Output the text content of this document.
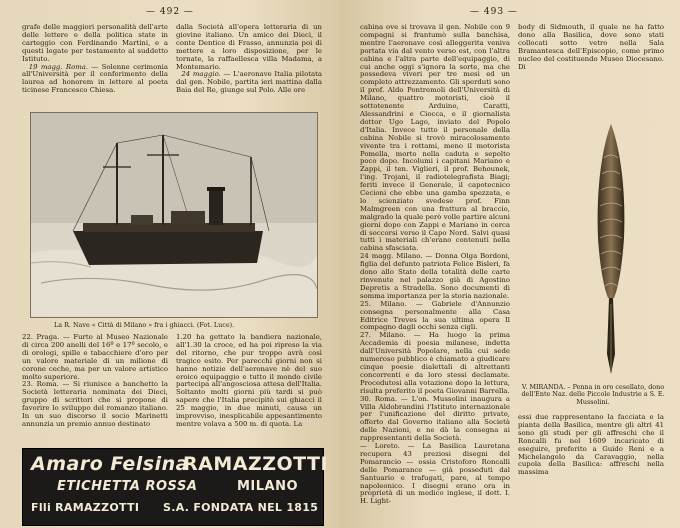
— 492 —

grafe delle maggiori personalità dell'arte delle lettere e della politica state in carteggio con Ferdinando Martini, e a questi legate per testamento al suddetto Istituto.

19 magg. Roma. — Solenne cerimonia all'Università per il conferimento della laurea ad honorem in lettere al poeta ticinese Francesco Chiesa.

dalla Società all'opera letteraria di un giovine italiano. Un amico dei Dieci, il conte Dentice di Frasso, annunzia poi di mettere a loro disposizione, per le tornate, la raffaellesca villa Madama, a Montemario.

24 maggio. — L'aeronave Italia pilotata dal gen. Nobile, partita ieri mattina dalla Baia del Re, giunge sul Polo. Alle ore

La R. Nave « Città di Milano » fra i ghiacci. (Fot. Luce).

22. Praga. — Furto al Museo Nazionale di circa 200 anelli del 16º e 17º secolo, e di orologi, spille e tabacchiere d'oro per un valore materiale di un milione di corone ceche, ma per un valore artistico molto superiore.

23. Roma. — Si riunisce a banchetto la Società letteraria nominata dei Dieci, gruppo di scrittori che si propone di favorire lo sviluppo del romanzo italiano. In un suo discorso il socio Marinetti annunzia un premio annuo destinato

1.20 ha gettato la bandiera nazionale, all'1.30 la croce, ed ha poi ripreso la via del ritorno, che pur troppo avrà così tragico esito. Per parecchi giorni non si hanno notizie dell'aeronave nè del suo eroico equipaggio e tutto il mondo civile partecipa all'angosciosa attesa dell'Italia. Soltanto molti giorni più tardi si può sapere che l'Italia precipitò sui ghiacci il 25 maggio, in due minuti, causa un improvviso, inesplicabile appesantimento mentre volava a 500 m. di quota. La

Amaro Felsina
RAMAZZOTTI
ETICHETTA ROSSA	MILANO
Flli RAMAZZOTTI S.A. FONDATA NEL 1815
— 493 —

cabina ove si trovava il gen. Nobile con 9 compagni si frantumò sulla banchisa, mentre l'aeronave così alleggerita veniva portata via dal vento verso est, con l'altra cabina e l'altra parte dell'equipaggio, di cui anche oggi s'ignora la sorte, ma che possedeva viveri per tre mesi ed un completo attrezzamento. Gli sperduti sono il prof. Aldo Pontremoli dell'Università di Milano, quattro motoristi, cioè il sottotenente Arduino, Caratti, Alessandrini e Ciocca, e il giornalista dottor Ugo Lago, inviato del Popolo d'Italia. Invece tutto il personale della cabina Nobile si trovò miracolosamente vivente tra i rottami, meno il motorista Pomella, morto nella caduta e sepolto poco dopo. Incolumi i capitani Mariano e Zappi, il ten. Viglieri, il prof. Behounek, l'ing. Trojani, il radiotelegrafista Biagi; feriti invece il Generale, il capotecnico Cecioni che ebbe una gamba spezzata, e lo scienziato svedese prof. Finn Malmgreen con una frattura al braccio, malgrado la quale però volle partire alcuni giorni dopo con Zappi e Mariano in cerca di soccorsi verso il Capo Nord. Salvi quasi tutti i materiali ch'erano contenuti nella cabina sfasciata.

24 magg. Milano. — Donna Olga Bordoni, figlia del defunto patriota Felice Bisleri, fa dono allo Stato della totalità delle carte rinvenute nel palazzo già di Agostino Depretis a Stradella. Sono documenti di somma importanza per la storia nazionale.

25. Milano. — Gabriele d'Annunzio consegna personalmente alla Casa Editrice Treves la sua ultima opera Il compagno dagli occhi senza cigli.

27. Milano. — Ha luogo la prima Accademia di poesia milanese, indetta dall'Università Popolare, nella cui sede numeroso pubblico è chiamato a giudicare cinque poesie dialettali di altrettanti concorrenti e da loro stessi declamate. Procedutosi alla votazione dopo la lettura, risulta preferito il poeta Giovanni Barrella.

30. Roma. — L'on. Mussolini inaugura a Villa Aldobrandini l'Istituto internazionale per l'unificazione del diritto privato, offerto dal Governo italiano alla Società delle Nazioni, e ne dà la consegna ai rappresentanti della Società.

— Loreto. — La Basilica Lauretana recupera 43 preziosi disegni del Pomarancio — ossia Cristoforo Roncalli delle Pomarance — già posseduti dal Santuario e trafugati, pare, al tempo napoleonico. I disegni erano ora in proprietà di un medico inglese, il dott. I. H. Light-

body di Sidmouth, il quale ne ha fatto dono alla Basilica, dove sono stati collocati sotto vetro nella Sala Bramantesca dell'Episcopio, come primo nucleo del costituendo Museo Diocesano. Di

V. MIRANDA. – Penna in oro cesellato, dono dell'Ente Naz. delle Piccole Industrie a S. E. Mussolini.

essi due rappresentano la facciata e la pianta della Basilica, mentre gli altri 41 sono gli studi per gli affreschi che il Roncalli fu nel 1609 incaricato di eseguire, preferito a Guido Reni e a Michelangelo da Caravaggio, nella cupola della Basilica: affreschi nella massima
